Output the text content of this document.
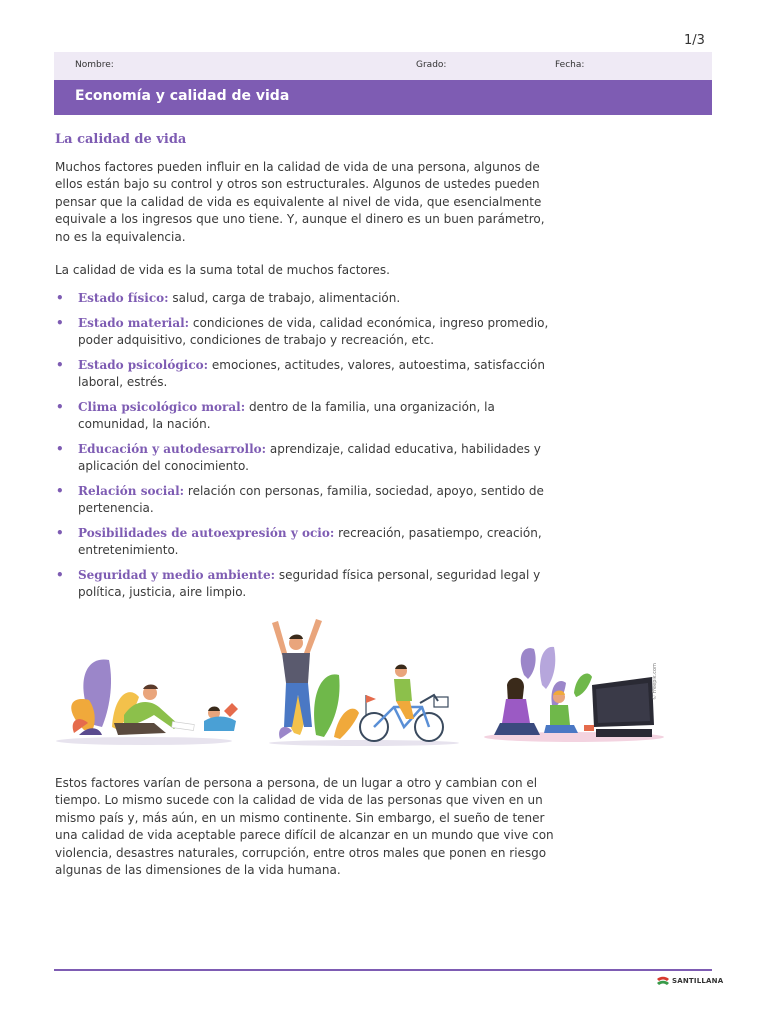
1/3
Nombre:	Grado:	Fecha:
Economía y calidad de vida
La calidad de vida

Muchos factores pueden influir en la calidad de vida de una persona, algunos de ellos están bajo su control y otros son estructurales. Algunos de ustedes pueden pensar que la calidad de vida es equivalente al nivel de vida, que esencialmente equivale a los ingresos que uno tiene. Y, aunque el dinero es un buen parámetro, no es la equivalencia.

La calidad de vida es la suma total de muchos factores.

• Estado físico: salud, carga de trabajo, alimentación.
• Estado material: condiciones de vida, calidad económica, ingreso promedio, poder adquisitivo, condiciones de trabajo y recreación, etc.
• Estado psicológico: emociones, actitudes, valores, autoestima, satisfacción laboral, estrés.
• Clima psicológico moral: dentro de la familia, una organización, la comunidad, la nación.
• Educación y autodesarrollo: aprendizaje, calidad educativa, habilidades y aplicación del conocimiento.
• Relación social: relación con personas, familia, sociedad, apoyo, sentido de pertenencia.
• Posibilidades de autoexpresión y ocio: recreación, pasatiempo, creación, entretenimiento.
• Seguridad y medio ambiente: seguridad física personal, seguridad legal y política, justicia, aire limpio.
© Freepik.com

Estos factores varían de persona a persona, de un lugar a otro y cambian con el tiempo. Lo mismo sucede con la calidad de vida de las personas que viven en un mismo país y, más aún, en un mismo continente. Sin embargo, el sueño de tener una calidad de vida aceptable parece difícil de alcanzar en un mundo que vive con violencia, desastres naturales, corrupción, entre otros males que ponen en riesgo algunas de las dimensiones de la vida humana.

SANTILLANA
